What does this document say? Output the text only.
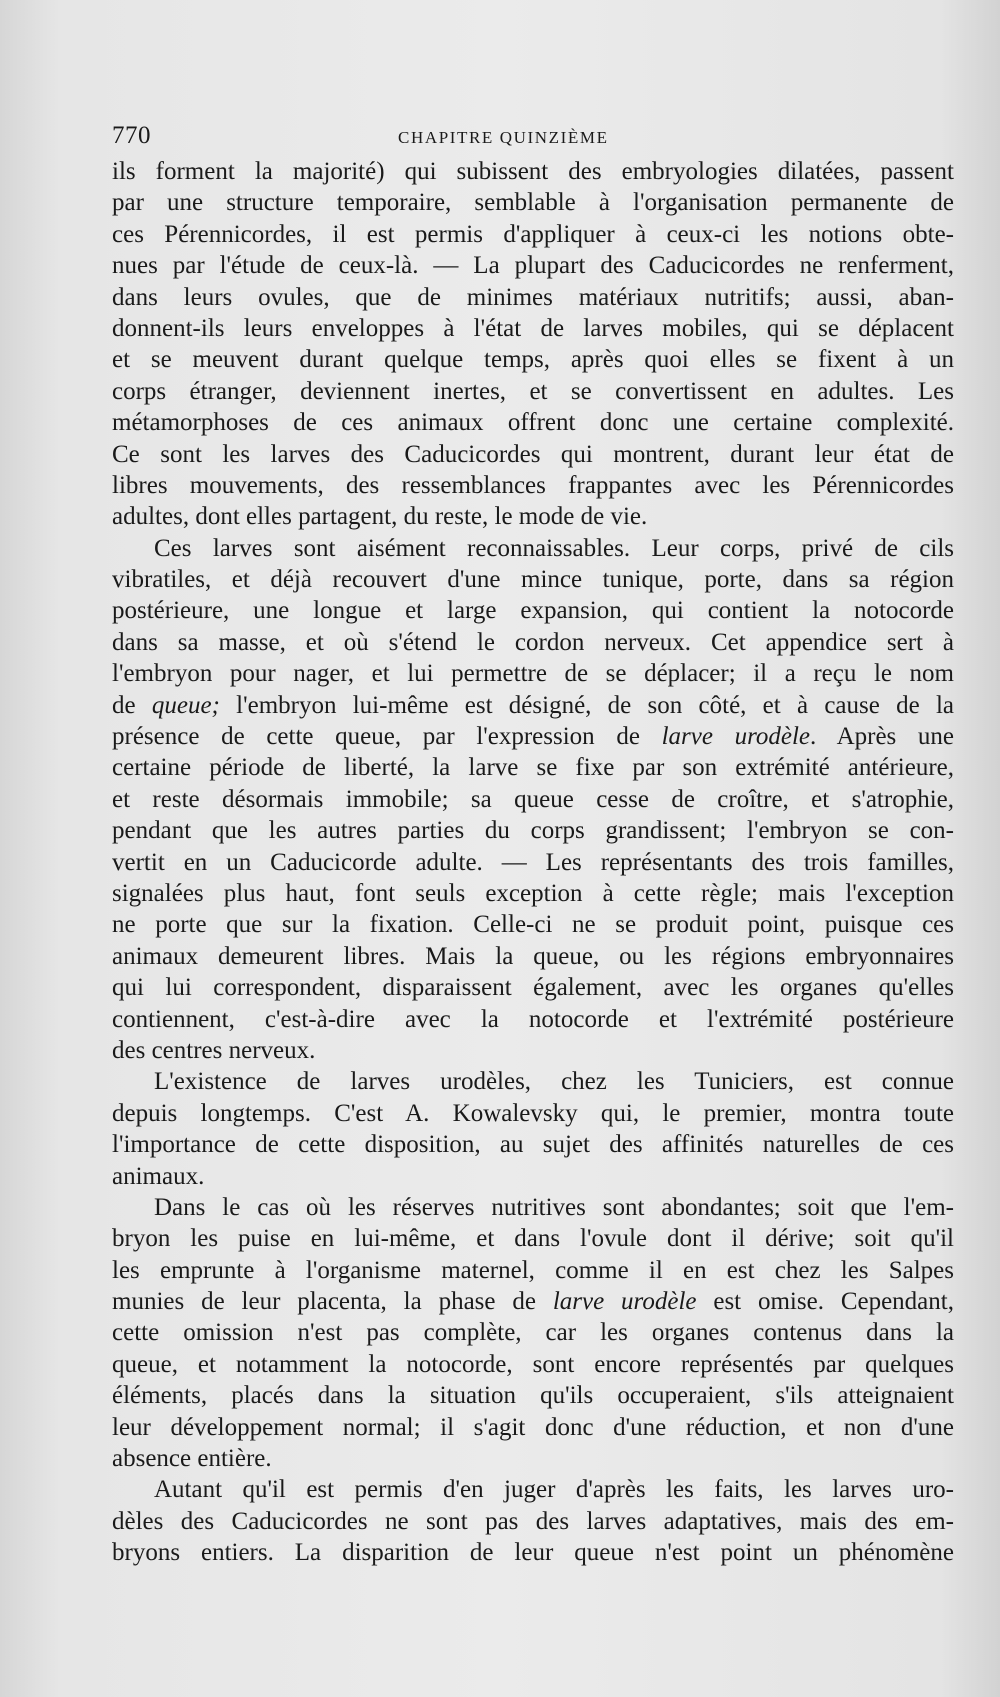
770	CHAPITRE QUINZIÈME
ils forment la majorité) qui subissent des embryologies dilatées, passent
par une structure temporaire, semblable à l'organisation permanente de
ces Pérennicordes, il est permis d'appliquer à ceux-ci les notions obte-
nues par l'étude de ceux-là. — La plupart des Caducicordes ne renferment,
dans leurs ovules, que de minimes matériaux nutritifs; aussi, aban-
donnent-ils leurs enveloppes à l'état de larves mobiles, qui se déplacent
et se meuvent durant quelque temps, après quoi elles se fixent à un
corps étranger, deviennent inertes, et se convertissent en adultes. Les
métamorphoses de ces animaux offrent donc une certaine complexité.
Ce sont les larves des Caducicordes qui montrent, durant leur état de
libres mouvements, des ressemblances frappantes avec les Pérennicordes
adultes, dont elles partagent, du reste, le mode de vie.
Ces larves sont aisément reconnaissables. Leur corps, privé de cils
vibratiles, et déjà recouvert d'une mince tunique, porte, dans sa région
postérieure, une longue et large expansion, qui contient la notocorde
dans sa masse, et où s'étend le cordon nerveux. Cet appendice sert à
l'embryon pour nager, et lui permettre de se déplacer; il a reçu le nom
de queue; l'embryon lui-même est désigné, de son côté, et à cause de la
présence de cette queue, par l'expression de larve urodèle. Après une
certaine période de liberté, la larve se fixe par son extrémité antérieure,
et reste désormais immobile; sa queue cesse de croître, et s'atrophie,
pendant que les autres parties du corps grandissent; l'embryon se con-
vertit en un Caducicorde adulte. — Les représentants des trois familles,
signalées plus haut, font seuls exception à cette règle; mais l'exception
ne porte que sur la fixation. Celle-ci ne se produit point, puisque ces
animaux demeurent libres. Mais la queue, ou les régions embryonnaires
qui lui correspondent, disparaissent également, avec les organes qu'elles
contiennent, c'est-à-dire avec la notocorde et l'extrémité postérieure
des centres nerveux.
L'existence de larves urodèles, chez les Tuniciers, est connue
depuis longtemps. C'est A. Kowalevsky qui, le premier, montra toute
l'importance de cette disposition, au sujet des affinités naturelles de ces
animaux.
Dans le cas où les réserves nutritives sont abondantes; soit que l'em-
bryon les puise en lui-même, et dans l'ovule dont il dérive; soit qu'il
les emprunte à l'organisme maternel, comme il en est chez les Salpes
munies de leur placenta, la phase de larve urodèle est omise. Cependant,
cette omission n'est pas complète, car les organes contenus dans la
queue, et notamment la notocorde, sont encore représentés par quelques
éléments, placés dans la situation qu'ils occuperaient, s'ils atteignaient
leur développement normal; il s'agit donc d'une réduction, et non d'une
absence entière.
Autant qu'il est permis d'en juger d'après les faits, les larves uro-
dèles des Caducicordes ne sont pas des larves adaptatives, mais des em-
bryons entiers. La disparition de leur queue n'est point un phénomène
